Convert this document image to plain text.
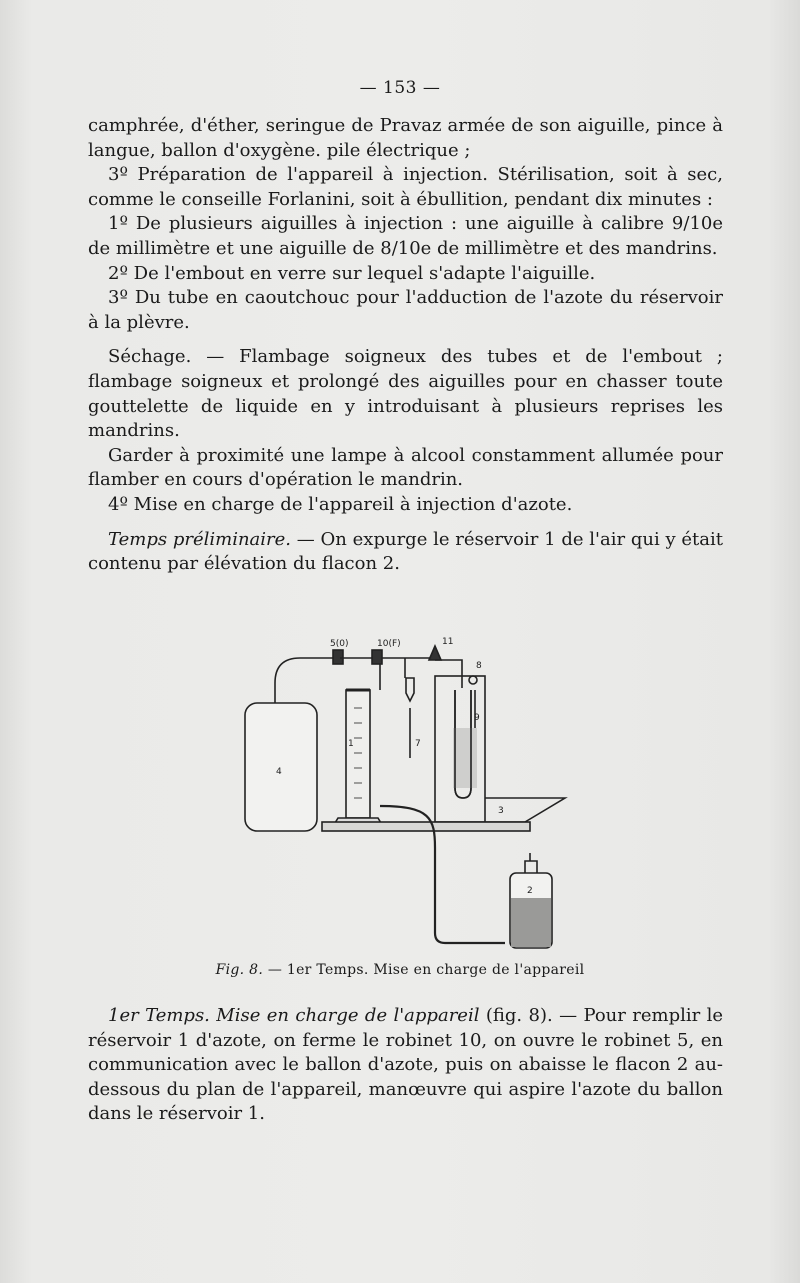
— 153 —

camphrée, d'éther, seringue de Pravaz armée de son aiguille, pince à langue, ballon d'oxygène. pile électrique ;

3º Préparation de l'appareil à injection. Stérilisation, soit à sec, comme le conseille Forlanini, soit à ébullition, pendant dix minutes :

1º De plusieurs aiguilles à injection : une aiguille à calibre 9/10e de millimètre et une aiguille de 8/10e de millimètre et des mandrins.

2º De l'embout en verre sur lequel s'adapte l'aiguille.

3º Du tube en caoutchouc pour l'adduction de l'azote du réservoir à la plèvre.

Séchage. — Flambage soigneux des tubes et de l'embout ; flambage soigneux et prolongé des aiguilles pour en chasser toute gouttelette de liquide en y introduisant à plusieurs reprises les mandrins.

Garder à proximité une lampe à alcool constamment allumée pour flamber en cours d'opération le mandrin.

4º Mise en charge de l'appareil à injection d'azote.

Temps préliminaire. — On expurge le réservoir 1 de l'air qui y était contenu par élévation du flacon 2.

5(0)	10(F)	11
8
9
7
1
4
3
2
Fig. 8. — 1er Temps. Mise en charge de l'appareil

1er Temps. Mise en charge de l'appareil (fig. 8). — Pour remplir le réservoir 1 d'azote, on ferme le robinet 10, on ouvre le robinet 5, en communication avec le ballon d'azote, puis on abaisse le flacon 2 au-dessous du plan de l'appareil, manœuvre qui aspire l'azote du ballon dans le réservoir 1.
